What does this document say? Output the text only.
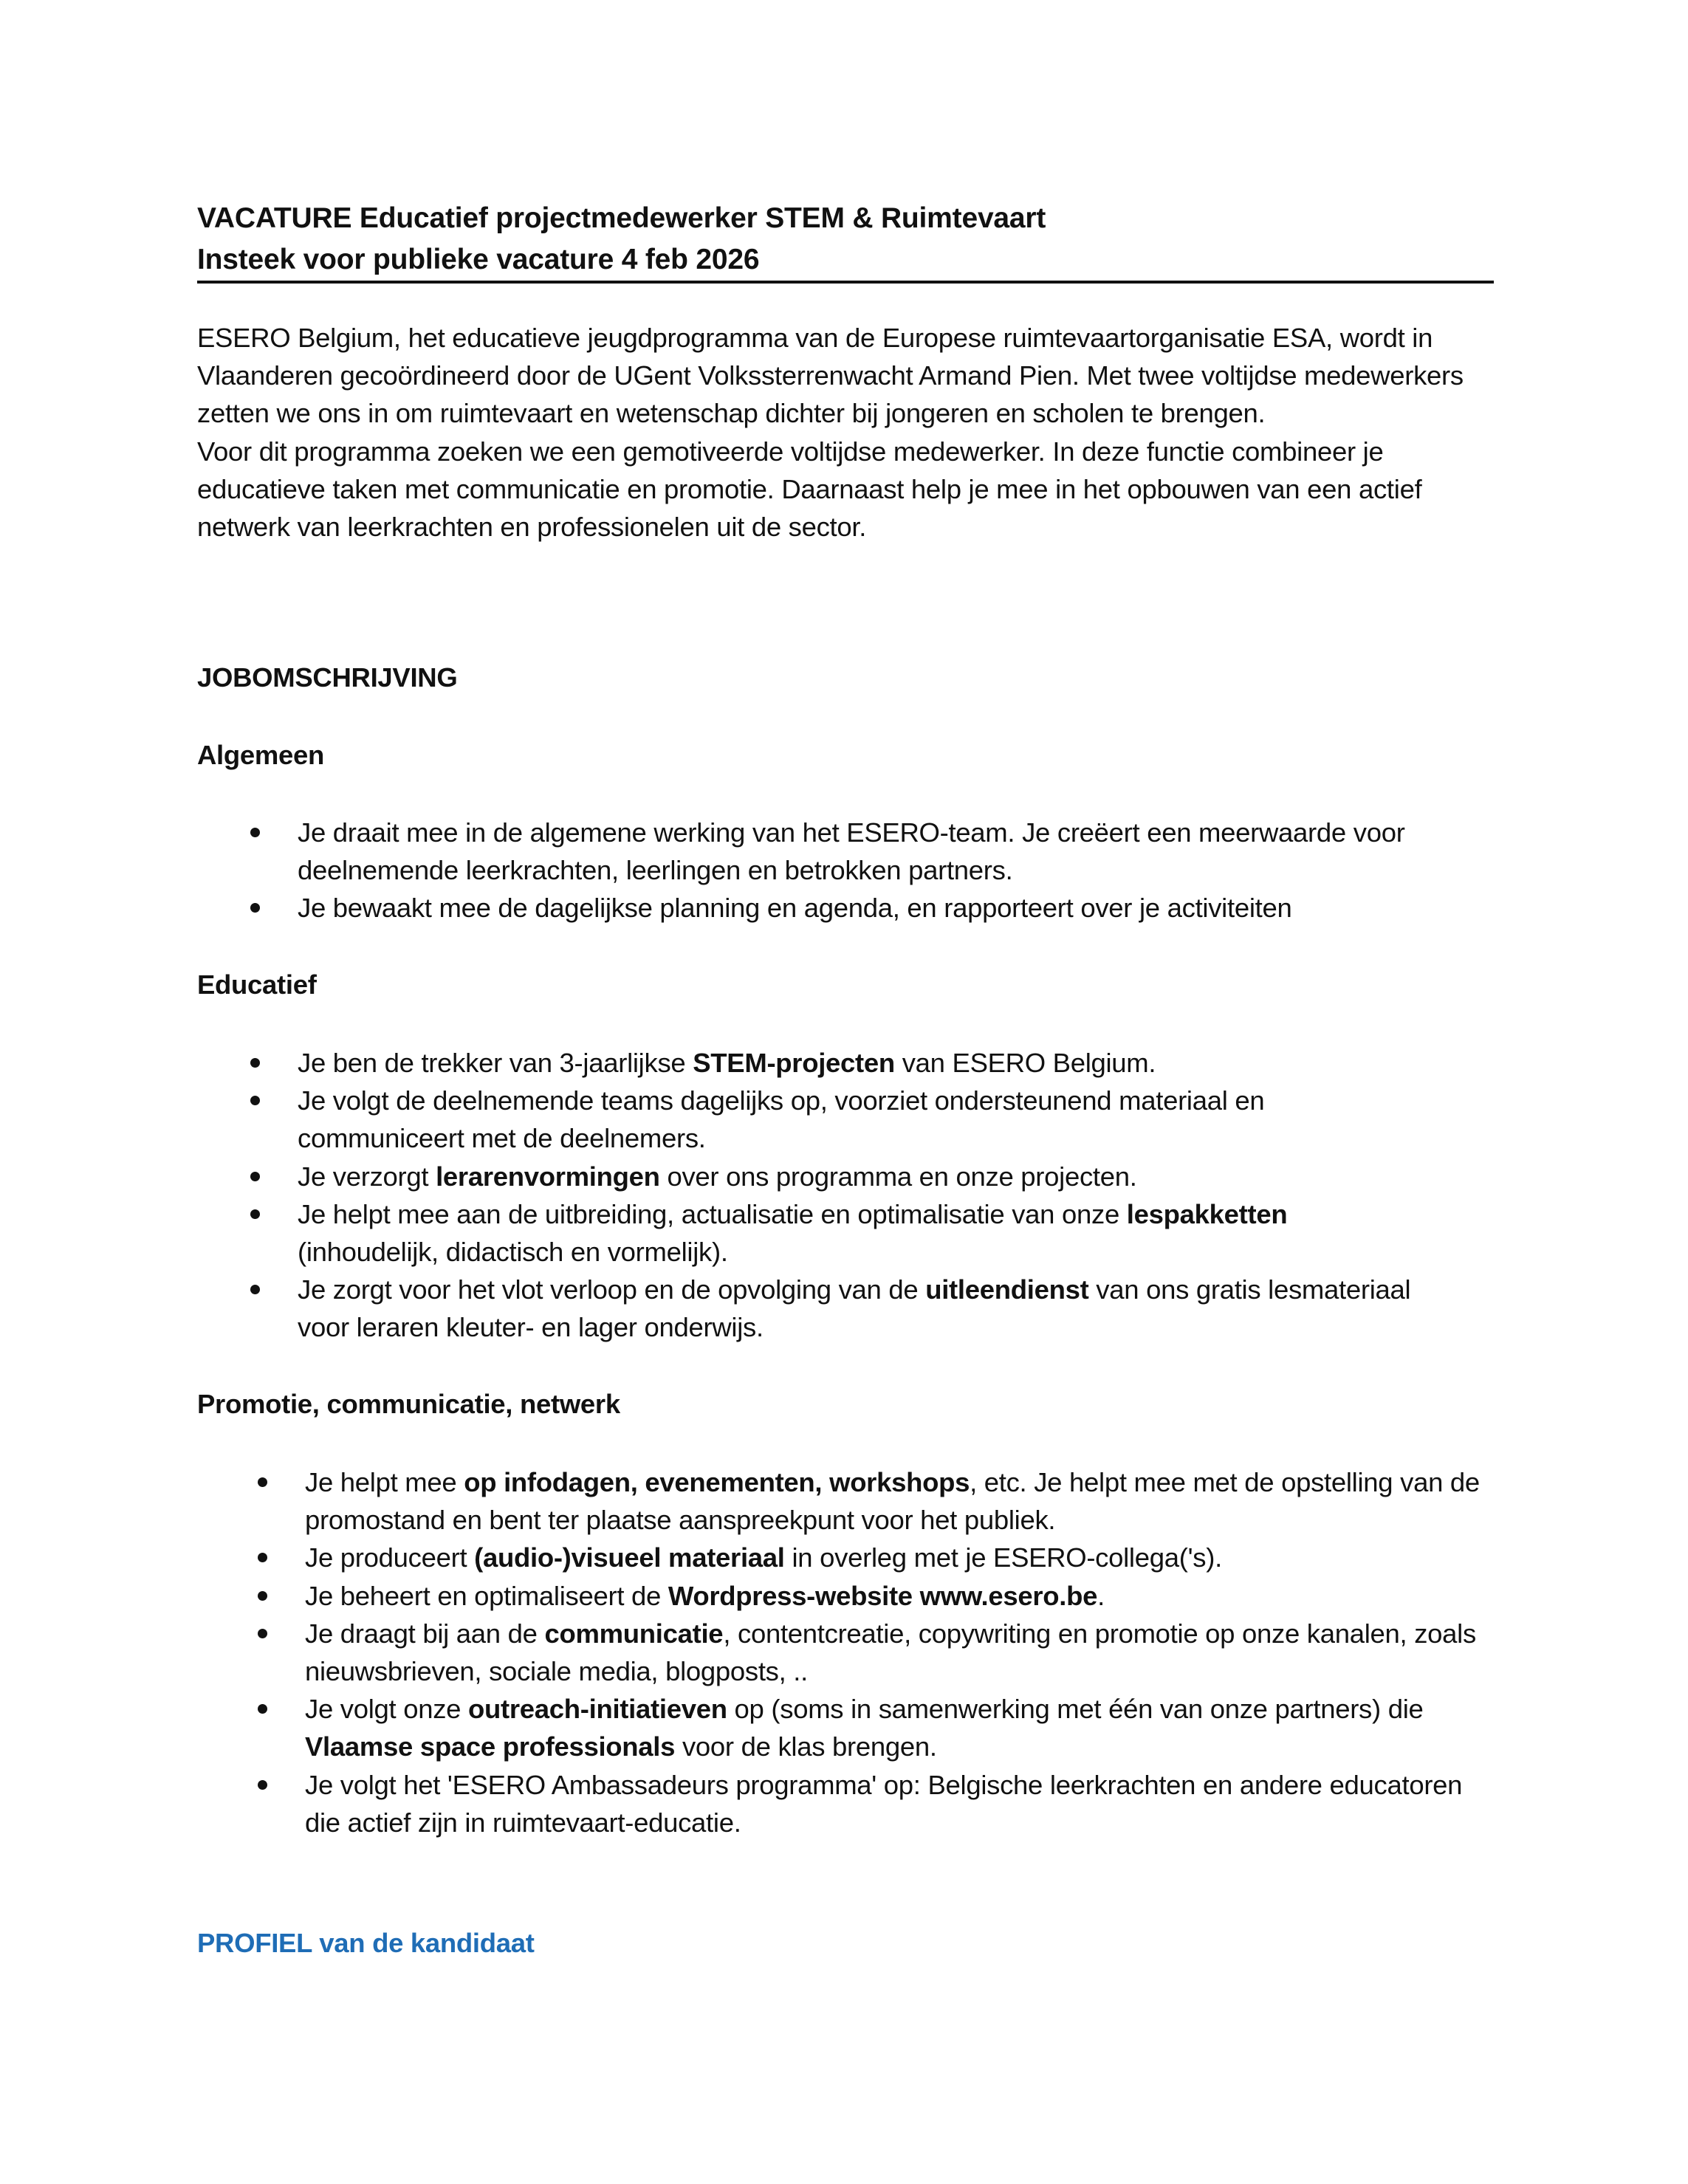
VACATURE Educatief projectmedewerker STEM & Ruimtevaart
Insteek voor publieke vacature 4 feb 2026

ESERO Belgium, het educatieve jeugdprogramma van de Europese ruimtevaartorganisatie ESA, wordt in Vlaanderen gecoördineerd door de UGent Volkssterrenwacht Armand Pien. Met twee voltijdse medewerkers zetten we ons in om ruimtevaart en wetenschap dichter bij jongeren en scholen te brengen.

Voor dit programma zoeken we een gemotiveerde voltijdse medewerker. In deze functie combineer je educatieve taken met communicatie en promotie. Daarnaast help je mee in het opbouwen van een actief netwerk van leerkrachten en professionelen uit de sector.

JOBOMSCHRIJVING
Algemeen
Je draait mee in de algemene werking van het ESERO-team. Je creëert een meerwaarde voor deelnemende leerkrachten, leerlingen en betrokken partners.
Je bewaakt mee de dagelijkse planning en agenda, en rapporteert over je activiteiten
Educatief
Je ben de trekker van 3-jaarlijkse STEM-projecten van ESERO Belgium.
Je volgt de deelnemende teams dagelijks op, voorziet ondersteunend materiaal en communiceert met de deelnemers.
Je verzorgt lerarenvormingen over ons programma en onze projecten.
Je helpt mee aan de uitbreiding, actualisatie en optimalisatie van onze lespakketten (inhoudelijk, didactisch en vormelijk).
Je zorgt voor het vlot verloop en de opvolging van de uitleendienst van ons gratis lesmateriaal voor leraren kleuter- en lager onderwijs.
Promotie, communicatie, netwerk
Je helpt mee op infodagen, evenementen, workshops, etc. Je helpt mee met de opstelling van de promostand en bent ter plaatse aanspreekpunt voor het publiek.
Je produceert (audio-)visueel materiaal in overleg met je ESERO-collega('s).
Je beheert en optimaliseert de Wordpress-website www.esero.be.
Je draagt bij aan de communicatie, contentcreatie, copywriting en promotie op onze kanalen, zoals nieuwsbrieven, sociale media, blogposts, ..
Je volgt onze outreach-initiatieven op (soms in samenwerking met één van onze partners) die Vlaamse space professionals voor de klas brengen.
Je volgt het 'ESERO Ambassadeurs programma' op: Belgische leerkrachten en andere educatoren die actief zijn in ruimtevaart-educatie.
PROFIEL van de kandidaat
